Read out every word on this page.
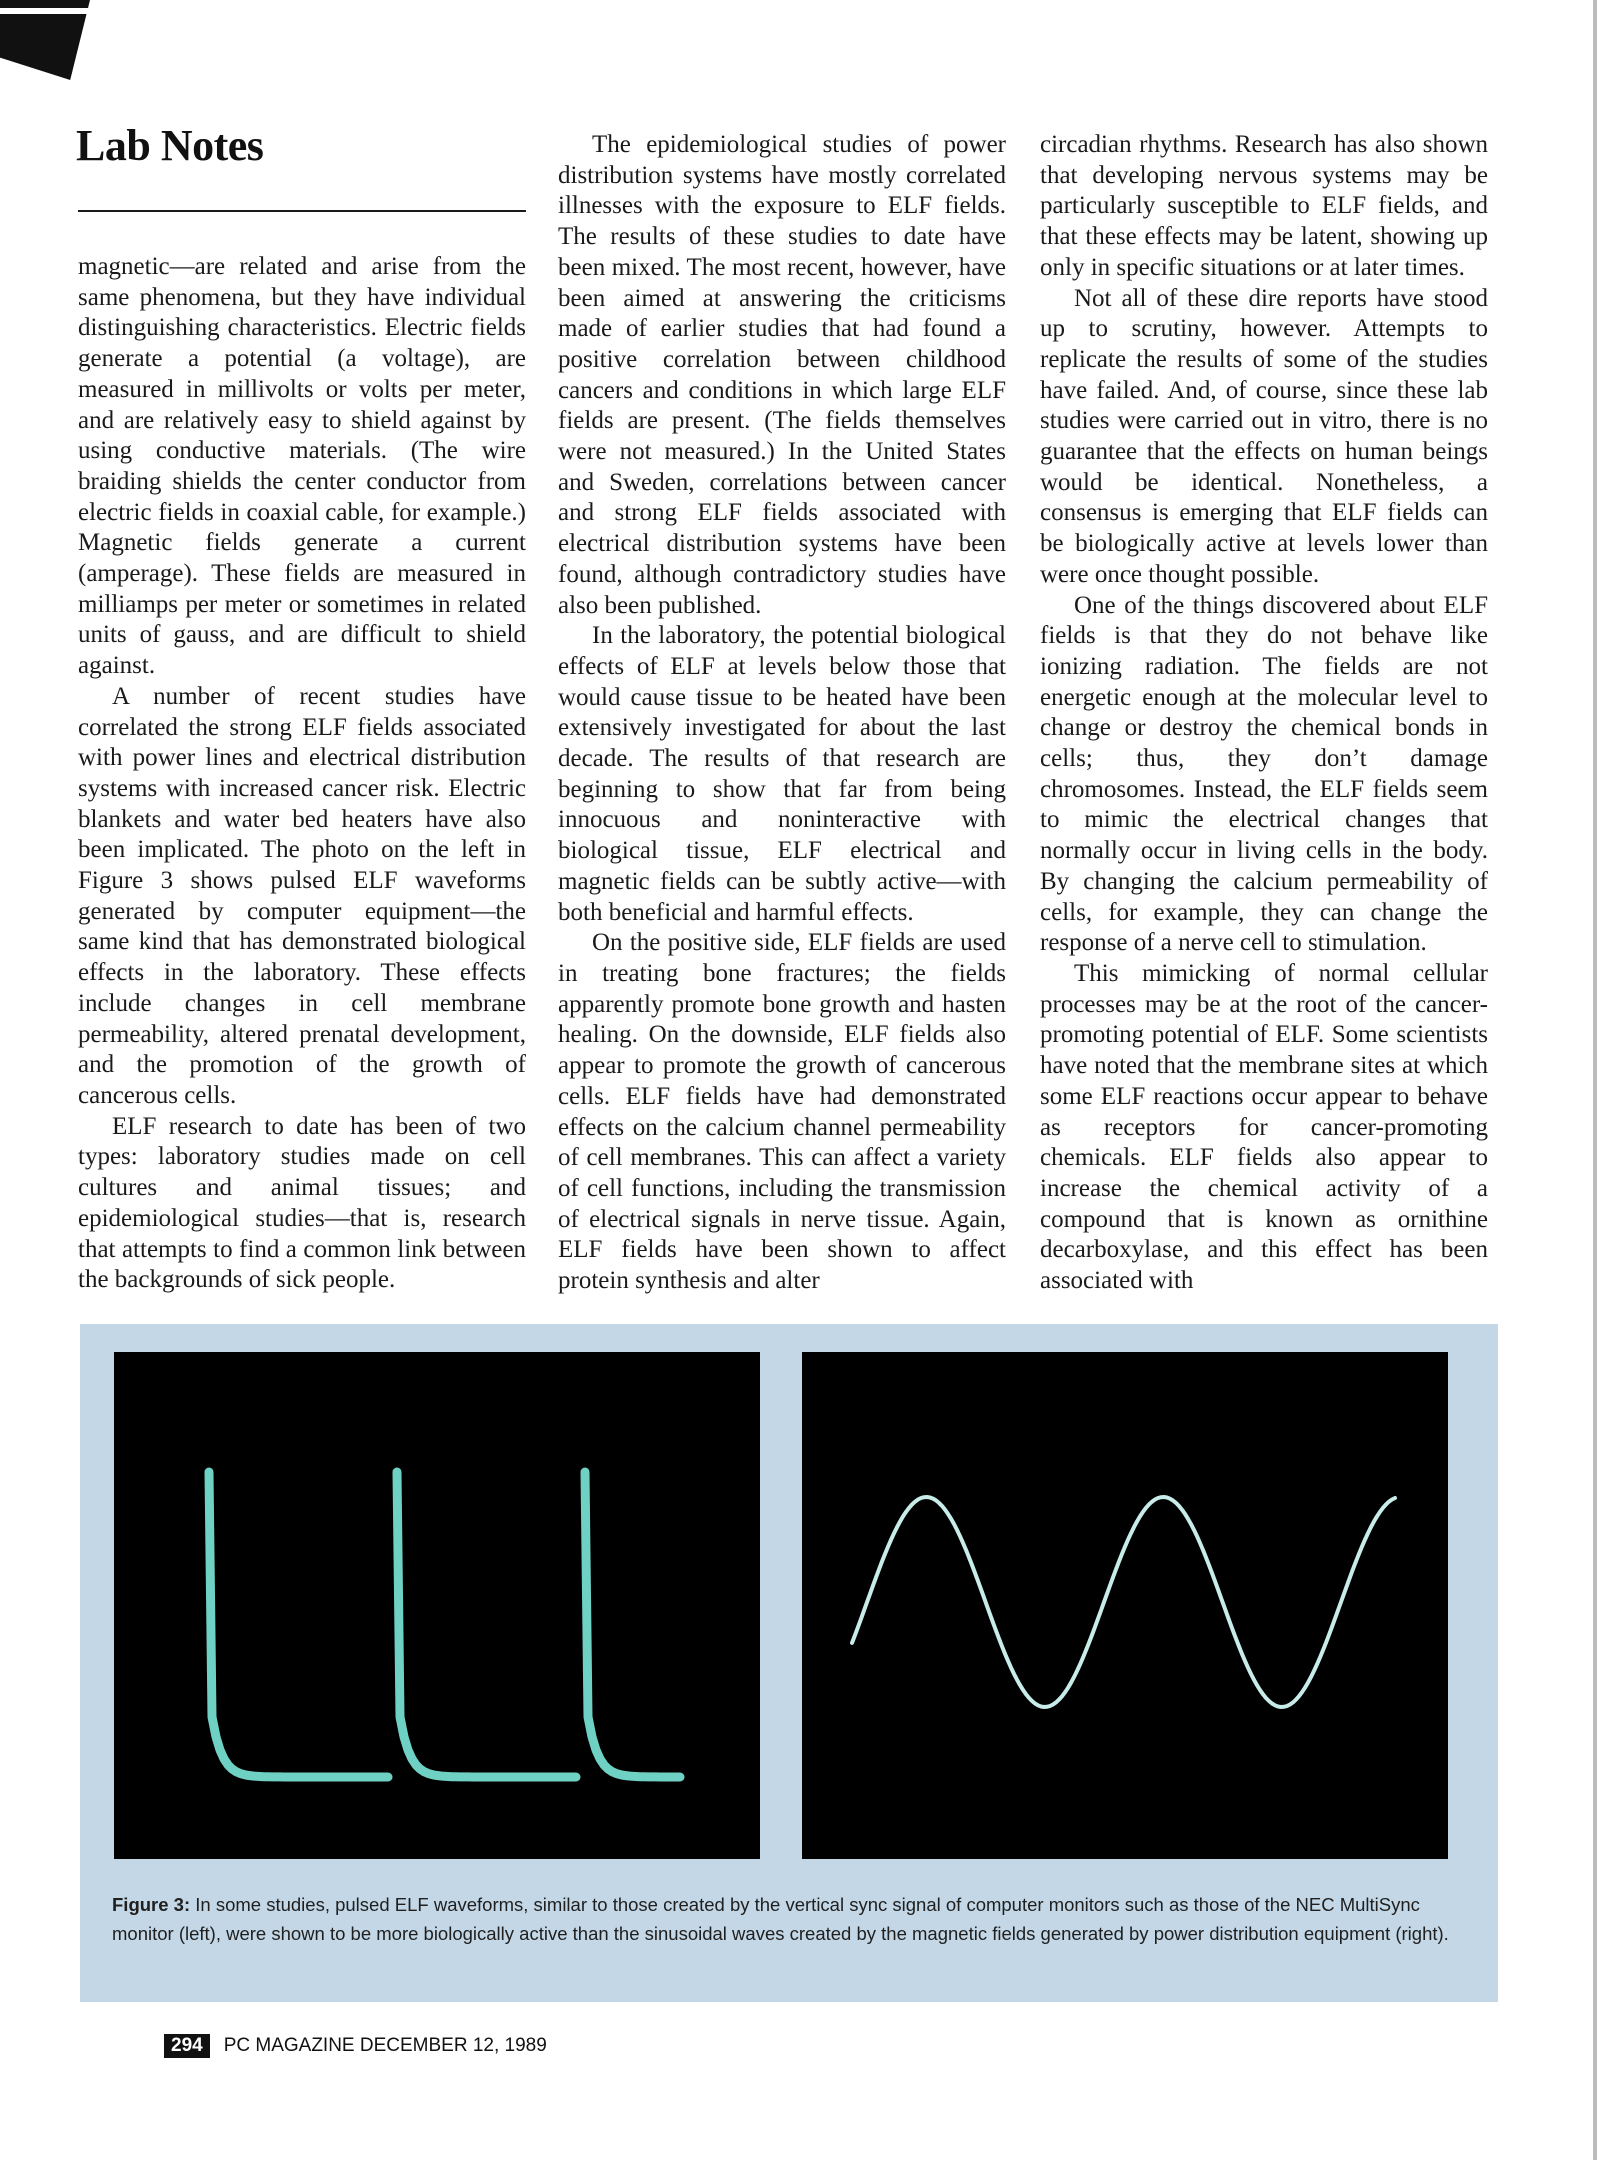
Lab Notes

magnetic—are related and arise from the same phenomena, but they have individual distinguishing characteristics. Electric fields generate a potential (a voltage), are measured in millivolts or volts per meter, and are relatively easy to shield against by using conductive materials. (The wire braiding shields the center conductor from electric fields in coaxial cable, for example.) Magnetic fields generate a current (amperage). These fields are measured in milliamps per meter or sometimes in related units of gauss, and are difficult to shield against.

A number of recent studies have correlated the strong ELF fields associated with power lines and electrical distribution systems with increased cancer risk. Electric blankets and water bed heaters have also been implicated. The photo on the left in Figure 3 shows pulsed ELF waveforms generated by computer equipment—the same kind that has demonstrated biological effects in the laboratory. These effects include changes in cell membrane permeability, altered prenatal development, and the promotion of the growth of cancerous cells.

ELF research to date has been of two types: laboratory studies made on cell cultures and animal tissues; and epidemiological studies—that is, research that attempts to find a common link between the backgrounds of sick people.

The epidemiological studies of power distribution systems have mostly correlated illnesses with the exposure to ELF fields. The results of these studies to date have been mixed. The most recent, however, have been aimed at answering the criticisms made of earlier studies that had found a positive correlation between childhood cancers and conditions in which large ELF fields are present. (The fields themselves were not measured.) In the United States and Sweden, correlations between cancer and strong ELF fields associated with electrical distribution systems have been found, although contradictory studies have also been published.

In the laboratory, the potential biological effects of ELF at levels below those that would cause tissue to be heated have been extensively investigated for about the last decade. The results of that research are beginning to show that far from being innocuous and noninteractive with biological tissue, ELF electrical and magnetic fields can be subtly active—with both beneficial and harmful effects.

On the positive side, ELF fields are used in treating bone fractures; the fields apparently promote bone growth and hasten healing. On the downside, ELF fields also appear to promote the growth of cancerous cells. ELF fields have had demonstrated effects on the calcium channel permeability of cell membranes. This can affect a variety of cell functions, including the transmission of electrical signals in nerve tissue. Again, ELF fields have been shown to affect protein synthesis and alter

circadian rhythms. Research has also shown that developing nervous systems may be particularly susceptible to ELF fields, and that these effects may be latent, showing up only in specific situations or at later times.

Not all of these dire reports have stood up to scrutiny, however. Attempts to replicate the results of some of the studies have failed. And, of course, since these lab studies were carried out in vitro, there is no guarantee that the effects on human beings would be identical. Nonetheless, a consensus is emerging that ELF fields can be biologically active at levels lower than were once thought possible.

One of the things discovered about ELF fields is that they do not behave like ionizing radiation. The fields are not energetic enough at the molecular level to change or destroy the chemical bonds in cells; thus, they don’t damage chromosomes. Instead, the ELF fields seem to mimic the electrical changes that normally occur in living cells in the body. By changing the calcium permeability of cells, for example, they can change the response of a nerve cell to stimulation.

This mimicking of normal cellular processes may be at the root of the cancer-promoting potential of ELF. Some scientists have noted that the membrane sites at which some ELF reactions occur appear to behave as receptors for cancer-promoting chemicals. ELF fields also appear to increase the chemical activity of a compound that is known as ornithine decarboxylase, and this effect has been associated with

Figure 3: In some studies, pulsed ELF waveforms, similar to those created by the vertical sync signal of computer monitors such as those of the NEC MultiSync monitor (left), were shown to be more biologically active than the sinusoidal waves created by the magnetic fields generated by power distribution equipment (right).
294	PC MAGAZINE DECEMBER 12, 1989
